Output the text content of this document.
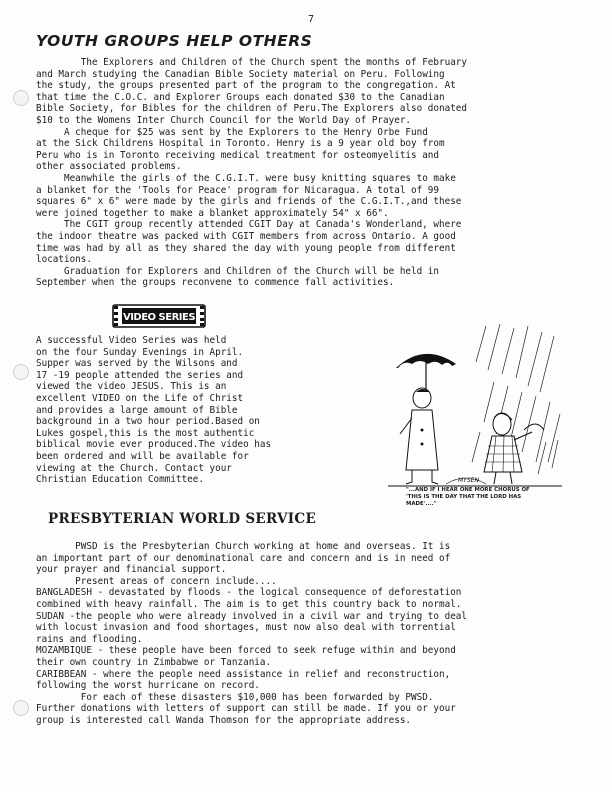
7
YOUTH GROUPS HELP OTHERS
The Explorers and Children of the Church spent the months of February
and March studying the Canadian Bible Society material on Peru. Following
the study, the groups presented part of the program to the congregation. At
that time the C.O.C. and Explorer Groups each donated $30 to the Canadian
Bible Society, for Bibles for the children of Peru.The Explorers also donated
$10 to the Womens Inter Church Council for the World Day of Prayer.
A cheque for $25 was sent by the Explorers to the Henry Orbe Fund
at the Sick Childrens Hospital in Toronto. Henry is a 9 year old boy from
Peru who is in Toronto receiving medical treatment for osteomyelitis and
other associated problems.
Meanwhile the girls of the C.G.I.T. were busy knitting squares to make
a blanket for the 'Tools for Peace' program for Nicaragua. A total of 99
squares 6" x 6" were made by the girls and friends of the C.G.I.T.,and these
were joined together to make a blanket approximately 54" x 66".
The CGIT group recently attended CGIT Day at Canada's Wonderland, where
the indoor theatre was packed with CGIT members from across Ontario. A good
time was had by all as they shared the day with young people from different
locations.
Graduation for Explorers and Children of the Church will be held in
September when the groups reconvene to commence fall activities.
VIDEO SERIES
A successful Video Series was held
on the four Sunday Evenings in April.
Supper was served by the Wilsons and
17 -19 people attended the series and
viewed the video JESUS. This is an
excellent VIDEO on the Life of Christ
and provides a large amount of Bible
background in a two hour period.Based on
Lukes gospel,this is the most authentic
biblical movie ever produced.The video has
been ordered and will be available for
viewing at the Church. Contact your
Christian Education Committee.	MYSEN
"...AND IF I HEAR ONE MORE CHORUS OF
'THIS IS THE DAY THAT THE LORD HAS
MADE'...."
PRESBYTERIAN WORLD SERVICE
PWSD is the Presbyterian Church working at home and overseas. It is
an important part of our denominational care and concern and is in need of
your prayer and financial support.
Present areas of concern include....
BANGLADESH - devastated by floods - the logical consequence of deforestation
combined with heavy rainfall. The aim is to get this country back to normal.
SUDAN -the people who were already involved in a civil war and trying to deal
with locust invasion and food shortages, must now also deal with torrential
rains and flooding.
MOZAMBIQUE - these people have been forced to seek refuge within and beyond
their own country in Zimbabwe or Tanzania.
CARIBBEAN - where the people need assistance in relief and reconstruction,
following the worst hurricane on record.
For each of these disasters $10,000 has been forwarded by PWSD.
Further donations with letters of support can still be made. If you or your
group is interested call Wanda Thomson for the appropriate address.
